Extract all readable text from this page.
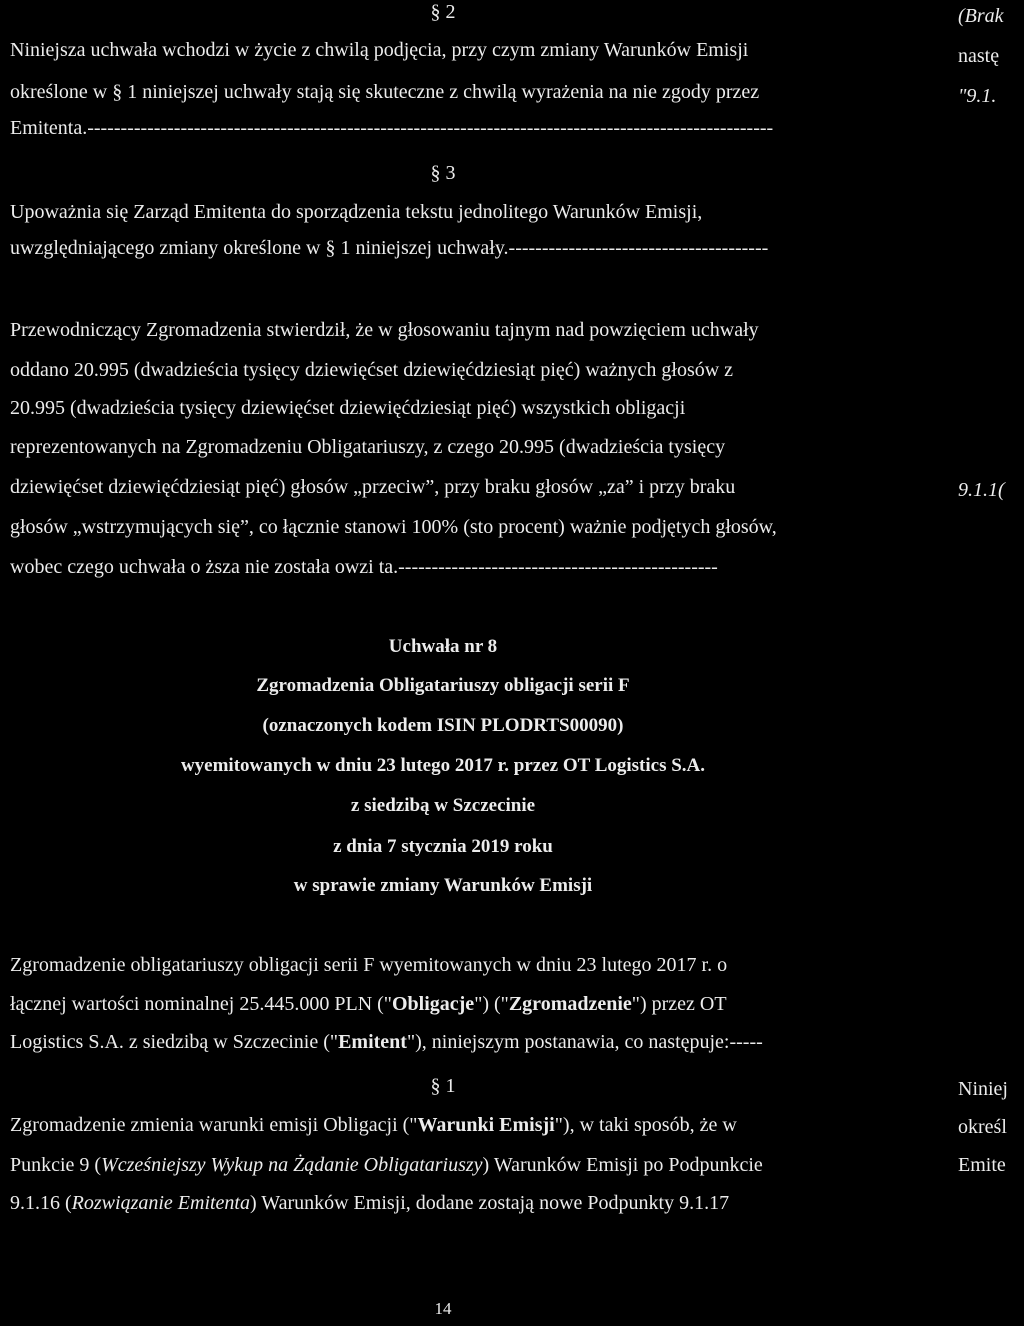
§ 2
Niniejsza uchwała wchodzi w życie z chwilą podjęcia, przy czym zmiany Warunków Emisji
określone w § 1 niniejszej uchwały stają się skuteczne z chwilą wyrażenia na nie zgody przez
Emitenta.-------------------------------------------------------------------------------------------------------
§ 3
Upoważnia się Zarząd Emitenta do sporządzenia tekstu jednolitego Warunków Emisji,
uwzględniającego zmiany określone w § 1 niniejszej uchwały.---------------------------------------
Przewodniczący Zgromadzenia stwierdził, że w głosowaniu tajnym nad powzięciem uchwały
oddano 20.995 (dwadzieścia tysięcy dziewięćset dziewięćdziesiąt pięć) ważnych głosów z
20.995 (dwadzieścia tysięcy dziewięćset dziewięćdziesiąt pięć) wszystkich obligacji
reprezentowanych na Zgromadzeniu Obligatariuszy, z czego 20.995 (dwadzieścia tysięcy
dziewięćset dziewięćdziesiąt pięć) głosów „przeciw”, przy braku głosów „za” i przy braku
głosów „wstrzymujących się”, co łącznie stanowi 100% (sto procent) ważnie podjętych głosów,
wobec czego uchwała o ższa nie została owzi ta.------------------------------------------------
Uchwała nr 8
Zgromadzenia Obligatariuszy obligacji serii F
(oznaczonych kodem ISIN PLODRTS00090)
wyemitowanych w dniu 23 lutego 2017 r. przez OT Logistics S.A.
z siedzibą w Szczecinie
z dnia 7 stycznia 2019 roku
w sprawie zmiany Warunków Emisji
Zgromadzenie obligatariuszy obligacji serii F wyemitowanych w dniu 23 lutego 2017 r. o
łącznej wartości nominalnej 25.445.000 PLN ("Obligacje") ("Zgromadzenie") przez OT
Logistics S.A. z siedzibą w Szczecinie ("Emitent"), niniejszym postanawia, co następuje:-----
§ 1
Zgromadzenie zmienia warunki emisji Obligacji ("Warunki Emisji"), w taki sposób, że w
Punkcie 9 (Wcześniejszy Wykup na Żądanie Obligatariuszy) Warunków Emisji po Podpunkcie
9.1.16 (Rozwiązanie Emitenta) Warunków Emisji, dodane zostają nowe Podpunkty 9.1.17
14
(Brak
nastę
"9.1.
9.1.1(
Niniej
określ
Emite
